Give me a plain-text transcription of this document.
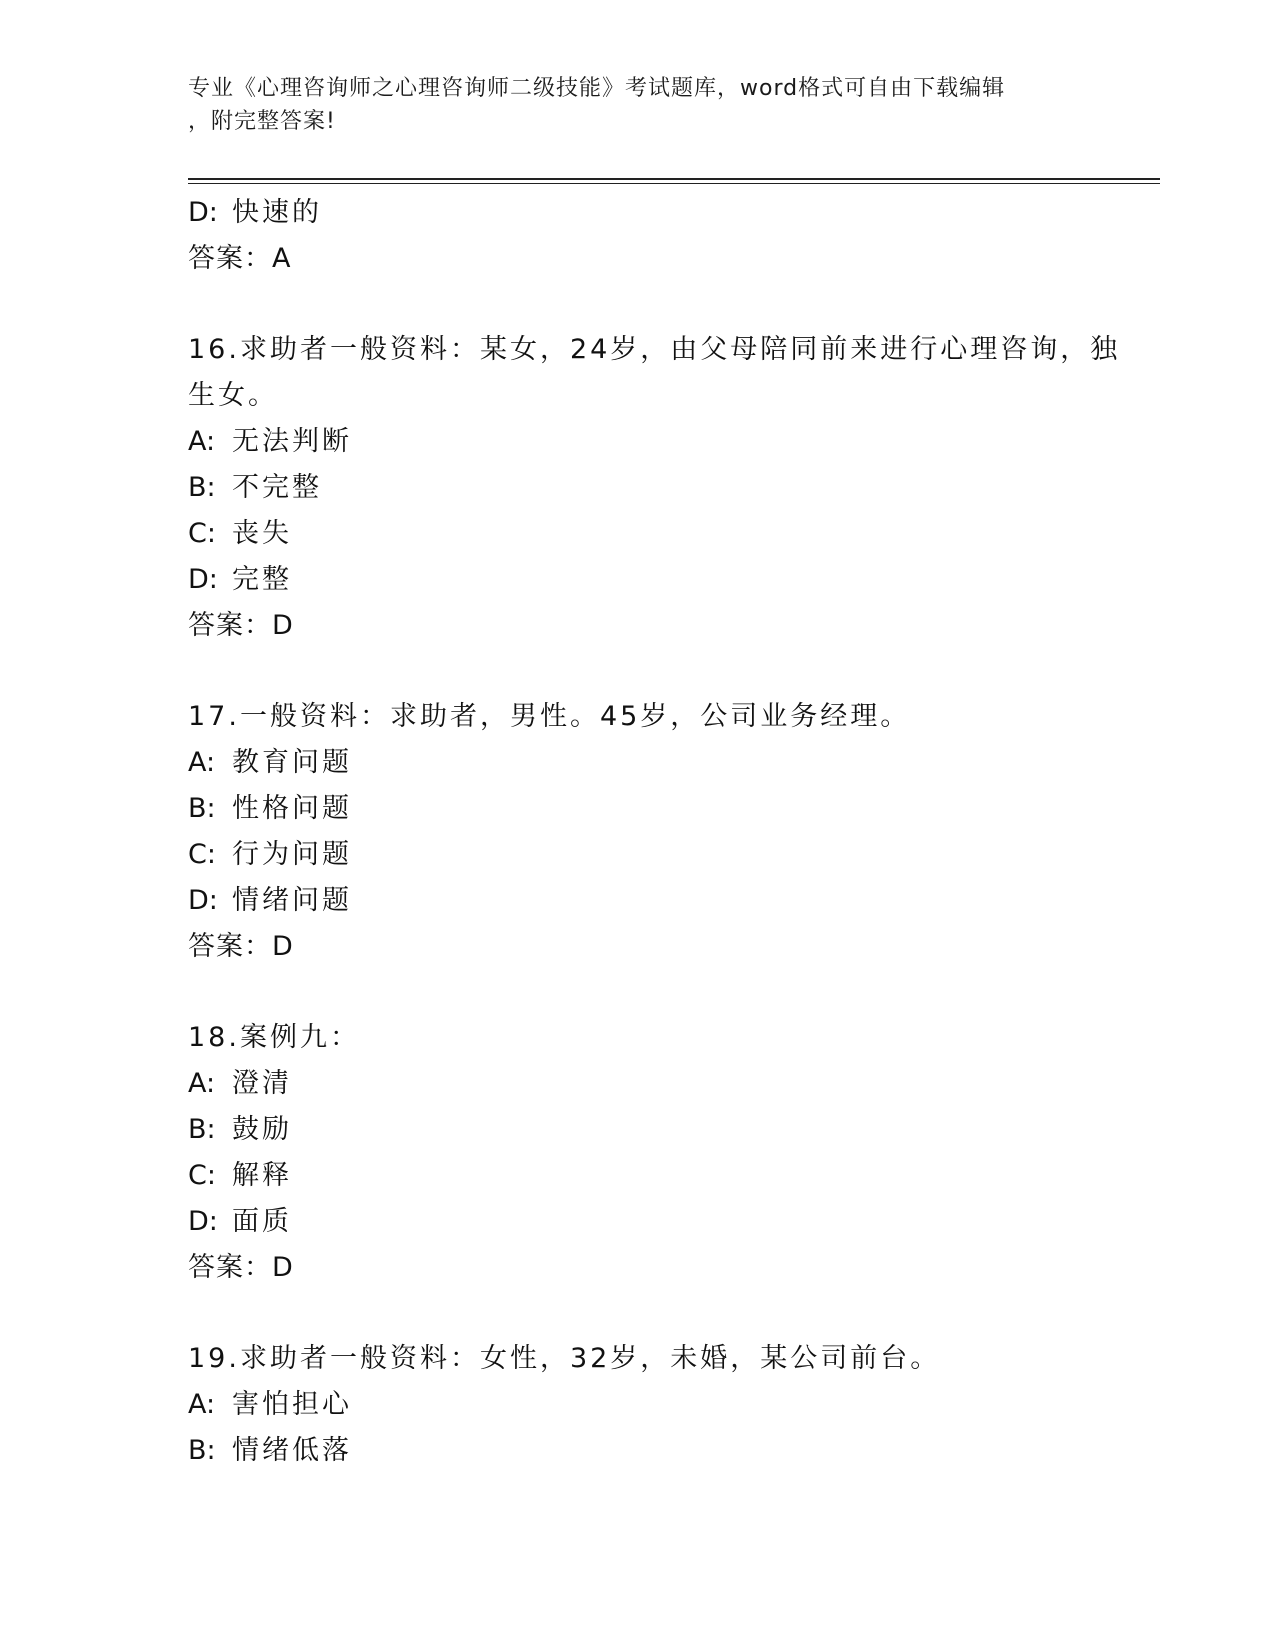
专业《心理咨询师之心理咨询师二级技能》考试题库，word格式可自由下载编辑
，附完整答案!
D: 快速的
答案：A
16.求助者一般资料：某女，24岁，由父母陪同前来进行心理咨询，独
生女。
A: 无法判断
B: 不完整
C: 丧失
D: 完整
答案：D
17.一般资料：求助者，男性。45岁，公司业务经理。
A: 教育问题
B: 性格问题
C: 行为问题
D: 情绪问题
答案：D
18.案例九：
A: 澄清
B: 鼓励
C: 解释
D: 面质
答案：D
19.求助者一般资料：女性，32岁，未婚，某公司前台。
A: 害怕担心
B: 情绪低落
